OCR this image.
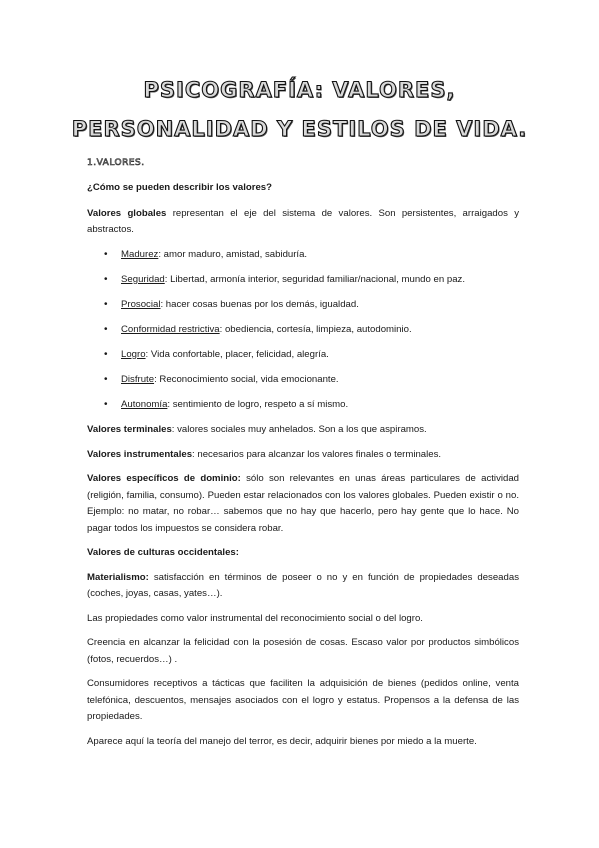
PSICOGRAFÍA: VALORES,
PERSONALIDAD Y ESTILOS DE VIDA.
1.VALORES.

¿Cómo se pueden describir los valores?

Valores globales representan el eje del sistema de valores. Son persistentes, arraigados y abstractos.

• Madurez: amor maduro, amistad, sabiduría.
• Seguridad: Libertad, armonía interior, seguridad familiar/nacional, mundo en paz.
• Prosocial: hacer cosas buenas por los demás, igualdad.
• Conformidad restrictiva: obediencia, cortesía, limpieza, autodominio.
• Logro: Vida confortable, placer, felicidad, alegría.
• Disfrute: Reconocimiento social, vida emocionante.
• Autonomía: sentimiento de logro, respeto a sí mismo.

Valores terminales: valores sociales muy anhelados. Son a los que aspiramos.

Valores instrumentales: necesarios para alcanzar los valores finales o terminales.

Valores específicos de dominio: sólo son relevantes en unas áreas particulares de actividad (religión, familia, consumo). Pueden estar relacionados con los valores globales. Pueden existir o no. Ejemplo: no matar, no robar… sabemos que no hay que hacerlo, pero hay gente que lo hace. No pagar todos los impuestos se considera robar.

Valores de culturas occidentales:

Materialismo: satisfacción en términos de poseer o no y en función de propiedades deseadas (coches, joyas, casas, yates…).

Las propiedades como valor instrumental del reconocimiento social o del logro.

Creencia en alcanzar la felicidad con la posesión de cosas. Escaso valor por productos simbólicos (fotos, recuerdos…) .

Consumidores receptivos a tácticas que faciliten la adquisición de bienes (pedidos online, venta telefónica, descuentos, mensajes asociados con el logro y estatus. Propensos a la defensa de las propiedades.

Aparece aquí la teoría del manejo del terror, es decir, adquirir bienes por miedo a la muerte.
